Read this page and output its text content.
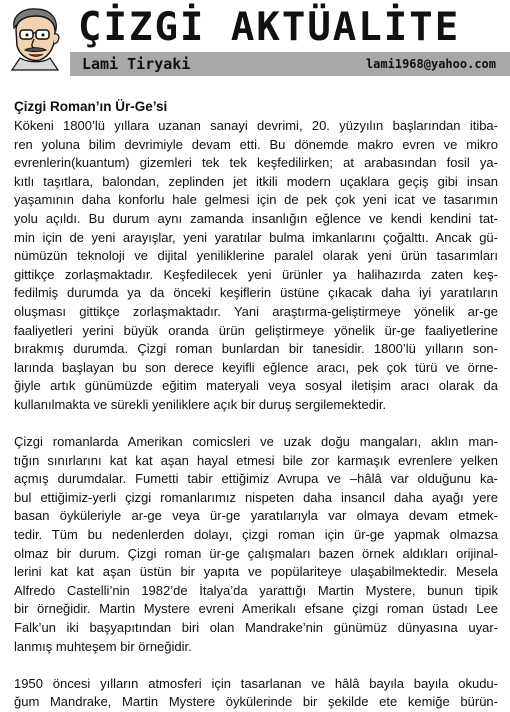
ÇİZGİ AKTÜALİTE
Lami Tiryaki	lami1968@yahoo.com
Çizgi Roman’ın Ür-Ge’si
Kökeni 1800’lü yıllara uzanan sanayi devrimi, 20. yüzyılın başlarından itiba-
ren yoluna bilim devrimiyle devam etti. Bu dönemde makro evren ve mikro
evrenlerin(kuantum) gizemleri tek tek keşfedilirken; at arabasından fosil ya-
kıtlı taşıtlara, balondan, zeplinden jet itkili modern uçaklara geçiş gibi insan
yaşamının daha konforlu hale gelmesi için de pek çok yeni icat ve tasarımın
yolu açıldı. Bu durum aynı zamanda insanlığın eğlence ve kendi kendini tat-
min için de yeni arayışlar, yeni yaratılar bulma imkanlarını çoğalttı. Ancak gü-
nümüzün teknoloji ve dijital yeniliklerine paralel olarak yeni ürün tasarımları
gittikçe zorlaşmaktadır. Keşfedilecek yeni ürünler ya halihazırda zaten keş-
fedilmiş durumda ya da önceki keşiflerin üstüne çıkacak daha iyi yaratıların
oluşması gittikçe zorlaşmaktadır. Yani araştırma-geliştirmeye yönelik ar-ge
faaliyetleri yerini büyük oranda ürün geliştirmeye yönelik ür-ge faaliyetlerine
bırakmış durumda. Çizgi roman bunlardan bir tanesidir. 1800’lü yılların son-
larında başlayan bu son derece keyifli eğlence aracı, pek çok türü ve örne-
ğiyle artık günümüzde eğitim materyali veya sosyal iletişim aracı olarak da
kullanılmakta ve sürekli yeniliklere açık bir duruş sergilemektedir.
Çizgi romanlarda Amerikan comicsleri ve uzak doğu mangaları, aklın man-
tığın sınırlarını kat kat aşan hayal etmesi bile zor karmaşık evrenlere yelken
açmış durumdalar. Fumetti tabir ettiğimiz Avrupa ve –hâlâ var olduğunu ka-
bul ettiğimiz-yerli çizgi romanlarımız nispeten daha insancıl daha ayağı yere
basan öyküleriyle ar-ge veya ür-ge yaratılarıyla var olmaya devam etmek-
tedir. Tüm bu nedenlerden dolayı, çizgi roman için ür-ge yapmak olmazsa
olmaz bir durum. Çizgi roman ür-ge çalışmaları bazen örnek aldıkları orijinal-
lerini kat kat aşan üstün bir yapıta ve popülariteye ulaşabilmektedir. Mesela
Alfredo Castelli’nin 1982’de İtalya’da yarattığı Martin Mystere, bunun tipik
bir örneğidir. Martin Mystere evreni Amerikalı efsane çizgi roman üstadı Lee
Falk’un iki başyapıtından biri olan Mandrake’nin günümüz dünyasına uyar-
lanmış muhteşem bir örneğidir.
1950 öncesi yılların atmosferi için tasarlanan ve hâlâ bayıla bayıla okudu-
ğum Mandrake, Martin Mystere öykülerinde bir şekilde ete kemiğe bürün-
